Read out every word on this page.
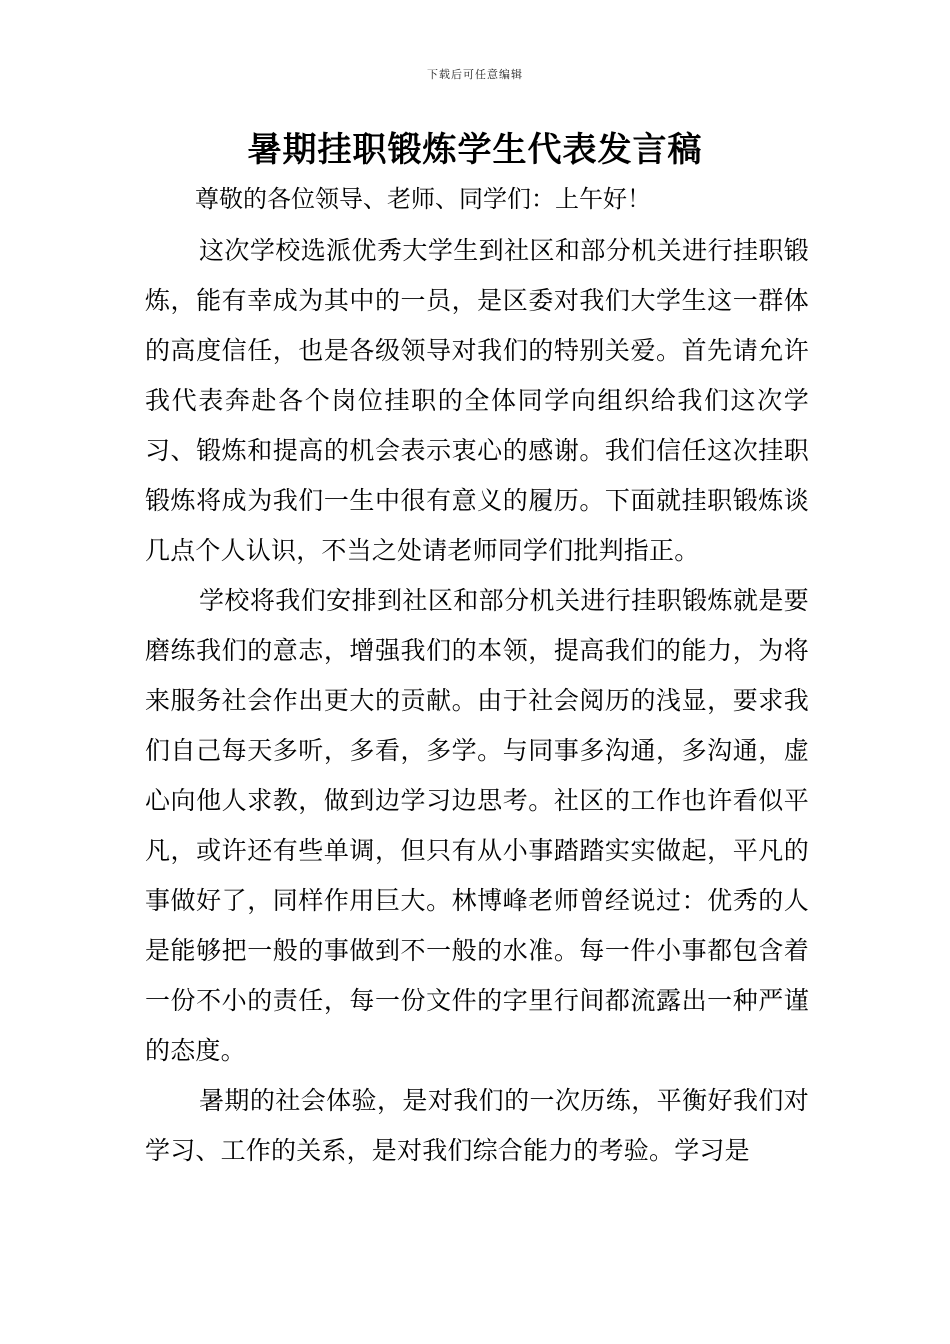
下载后可任意编辑
暑期挂职锻炼学生代表发言稿

尊敬的各位领导、老师、同学们：上午好！

这次学校选派优秀大学生到社区和部分机关进行挂职锻炼，能有幸成为其中的一员，是区委对我们大学生这一群体的高度信任，也是各级领导对我们的特别关爱。首先请允许我代表奔赴各个岗位挂职的全体同学向组织给我们这次学习、锻炼和提高的机会表示衷心的感谢。我们信任这次挂职锻炼将成为我们一生中很有意义的履历。下面就挂职锻炼谈几点个人认识，不当之处请老师同学们批判指正。

学校将我们安排到社区和部分机关进行挂职锻炼就是要磨练我们的意志，增强我们的本领，提高我们的能力，为将来服务社会作出更大的贡献。由于社会阅历的浅显，要求我们自己每天多听，多看，多学。与同事多沟通，多沟通，虚心向他人求教，做到边学习边思考。社区的工作也许看似平凡，或许还有些单调，但只有从小事踏踏实实做起，平凡的事做好了，同样作用巨大。林博峰老师曾经说过：优秀的人是能够把一般的事做到不一般的水准。每一件小事都包含着一份不小的责任，每一份文件的字里行间都流露出一种严谨的态度。

暑期的社会体验，是对我们的一次历练，平衡好我们对学习、工作的关系，是对我们综合能力的考验。学习是
